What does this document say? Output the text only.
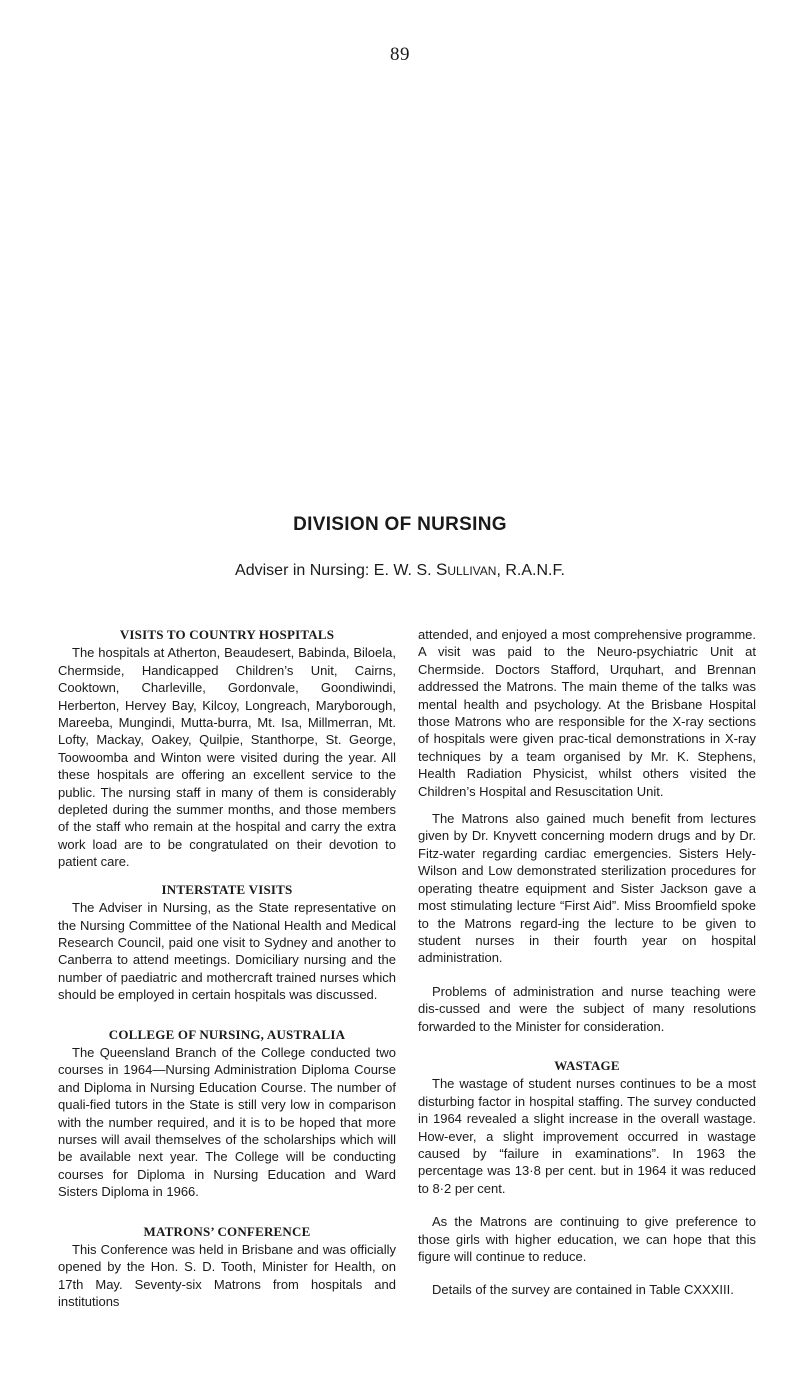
89
DIVISION OF NURSING
Adviser in Nursing: E. W. S. Sullivan, R.A.N.F.
VISITS TO COUNTRY HOSPITALS

The hospitals at Atherton, Beaudesert, Babinda, Biloela, Chermside, Handicapped Children’s Unit, Cairns, Cooktown, Charleville, Gordonvale, Goondiwindi, Herberton, Hervey Bay, Kilcoy, Longreach, Maryborough, Mareeba, Mungindi, Mutta-burra, Mt. Isa, Millmerran, Mt. Lofty, Mackay, Oakey, Quilpie, Stanthorpe, St. George, Toowoomba and Winton were visited during the year. All these hospitals are offering an excellent service to the public. The nursing staff in many of them is considerably depleted during the summer months, and those members of the staff who remain at the hospital and carry the extra work load are to be congratulated on their devotion to patient care.

INTERSTATE VISITS

The Adviser in Nursing, as the State representative on the Nursing Committee of the National Health and Medical Research Council, paid one visit to Sydney and another to Canberra to attend meetings. Domiciliary nursing and the number of paediatric and mothercraft trained nurses which should be employed in certain hospitals was discussed.

COLLEGE OF NURSING, AUSTRALIA

The Queensland Branch of the College conducted two courses in 1964—Nursing Administration Diploma Course and Diploma in Nursing Education Course. The number of quali-fied tutors in the State is still very low in comparison with the number required, and it is to be hoped that more nurses will avail themselves of the scholarships which will be available next year. The College will be conducting courses for Diploma in Nursing Education and Ward Sisters Diploma in 1966.

MATRONS’ CONFERENCE

This Conference was held in Brisbane and was officially opened by the Hon. S. D. Tooth, Minister for Health, on 17th May. Seventy-six Matrons from hospitals and institutions

attended, and enjoyed a most comprehensive programme. A visit was paid to the Neuro-psychiatric Unit at Chermside. Doctors Stafford, Urquhart, and Brennan addressed the Matrons. The main theme of the talks was mental health and psychology. At the Brisbane Hospital those Matrons who are responsible for the X-ray sections of hospitals were given prac-tical demonstrations in X-ray techniques by a team organised by Mr. K. Stephens, Health Radiation Physicist, whilst others visited the Children’s Hospital and Resuscitation Unit.

The Matrons also gained much benefit from lectures given by Dr. Knyvett concerning modern drugs and by Dr. Fitz-water regarding cardiac emergencies. Sisters Hely-Wilson and Low demonstrated sterilization procedures for operating theatre equipment and Sister Jackson gave a most stimulating lecture “First Aid”. Miss Broomfield spoke to the Matrons regard-ing the lecture to be given to student nurses in their fourth year on hospital administration.

Problems of administration and nurse teaching were dis-cussed and were the subject of many resolutions forwarded to the Minister for consideration.

WASTAGE

The wastage of student nurses continues to be a most disturbing factor in hospital staffing. The survey conducted in 1964 revealed a slight increase in the overall wastage. How-ever, a slight improvement occurred in wastage caused by “failure in examinations”. In 1963 the percentage was 13·8 per cent. but in 1964 it was reduced to 8·2 per cent.

As the Matrons are continuing to give preference to those girls with higher education, we can hope that this figure will continue to reduce.

Details of the survey are contained in Table CXXXIII.
